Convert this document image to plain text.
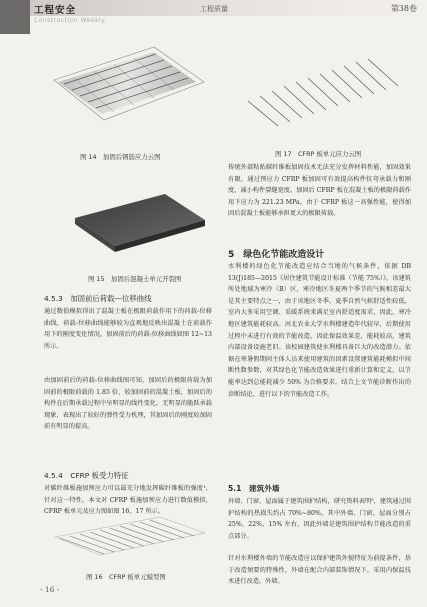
工程安全
Construction Weekly
工程质量	第38卷
图 14　加固后钢筋应力云图
图 15　加固后混凝土单元开裂图
4.5.3　加固前后荷载—位移曲线
通过数值模拟得出了混凝土板在极限荷载作用下的荷载-位移曲线，荷载-位移曲线能够较为直观地反映出混凝土在荷载作用下的刚度变化情况。加固前后的荷载-位移曲线如图 12~13 所示。
由加固前后的荷载-位移曲线图可知，加固后的极限荷载为加固前的极限荷载的 1.85 倍，较加固前的混凝土板，加固后的构件在后期承载过程中呈明显的线性变化，无明显的脆跃承载现象，表现出了较好的弹性受力机理，其加固后的刚度较加固前有明显的提高。
4.5.4　CFRP 板受力特征
对碳纤维板施加预应力可以最充分地发挥碳纤维板的强度¹，针对这一特性，本文对 CFRP 板施加预应力进行数值模拟，CFRP 板单元及应力图如图 16、17 所示。
图 16　CFRP 板单元模型图
- 16 -
图 17　CFRP 板单元应力云图
传统外部粘贴碳纤维板加固技术无法充分发挥材料性能，加固效果有限，通过预应力 CFRP 板加固可有效提高构件抗弯承载力和刚度，减小构件裂缝宽度。加固后 CFRP 板在混凝土板的极限荷载作用下应力为 221.23 MPa，由于 CFRP 板这一高强性能，使得加固后混凝土板能够承担更大的极限荷载。
5　绿色化节能改造设计
水利楼的绿色化节能改造应结合当地的气候条件，依据 DB 13(J)185—2015《居住建筑节能设计标准（节能 75%）》，该建筑所处地域为寒冷（B）区，寒冷地区冬夏两个季节的气候相差最大是其主要特点之一，由于该地区冬季、夏季自然气候舒适性较低，室内大多采用空调、采暖系统来满足室内舒适度需求，因此，寒冷地区建筑能耗较高。河北农业大学水利楼建造年代较早，后期使用过程中未进行有效的节能改造，因此保温效果差，能耗较高，建筑内部设备设施老旧。该校园建筑使水利楼具备巨大的改造潜力。依据在寒暑假期间主体人员来使用建筑的因素设置建筑能耗模拟中间断性数参数，对其绿色化节能改造效果进行重新计算和定义，以节能率达到总能耗减少 50% 为合格要求。结合上文节能诊断作出的诊断结论，进行以下的节能改造工作。
5.1　建筑外墙
外墙、门窗、屋面属于建筑围护结构，研究资料表明⁵，建筑通过围护结构的热损失约占 70%~80%，其中外墙、门窗、屋面分别占 25%、22%、15% 左右，因此外墙是建筑围护结构节能改造的重点部分。
针对水利楼外墙的节能改造应以保护建筑外貌特征为前提条件，基于改造须要的特殊性，外墙在配合内部装饰情况下，采用内保温技术进行改造。外墙。
